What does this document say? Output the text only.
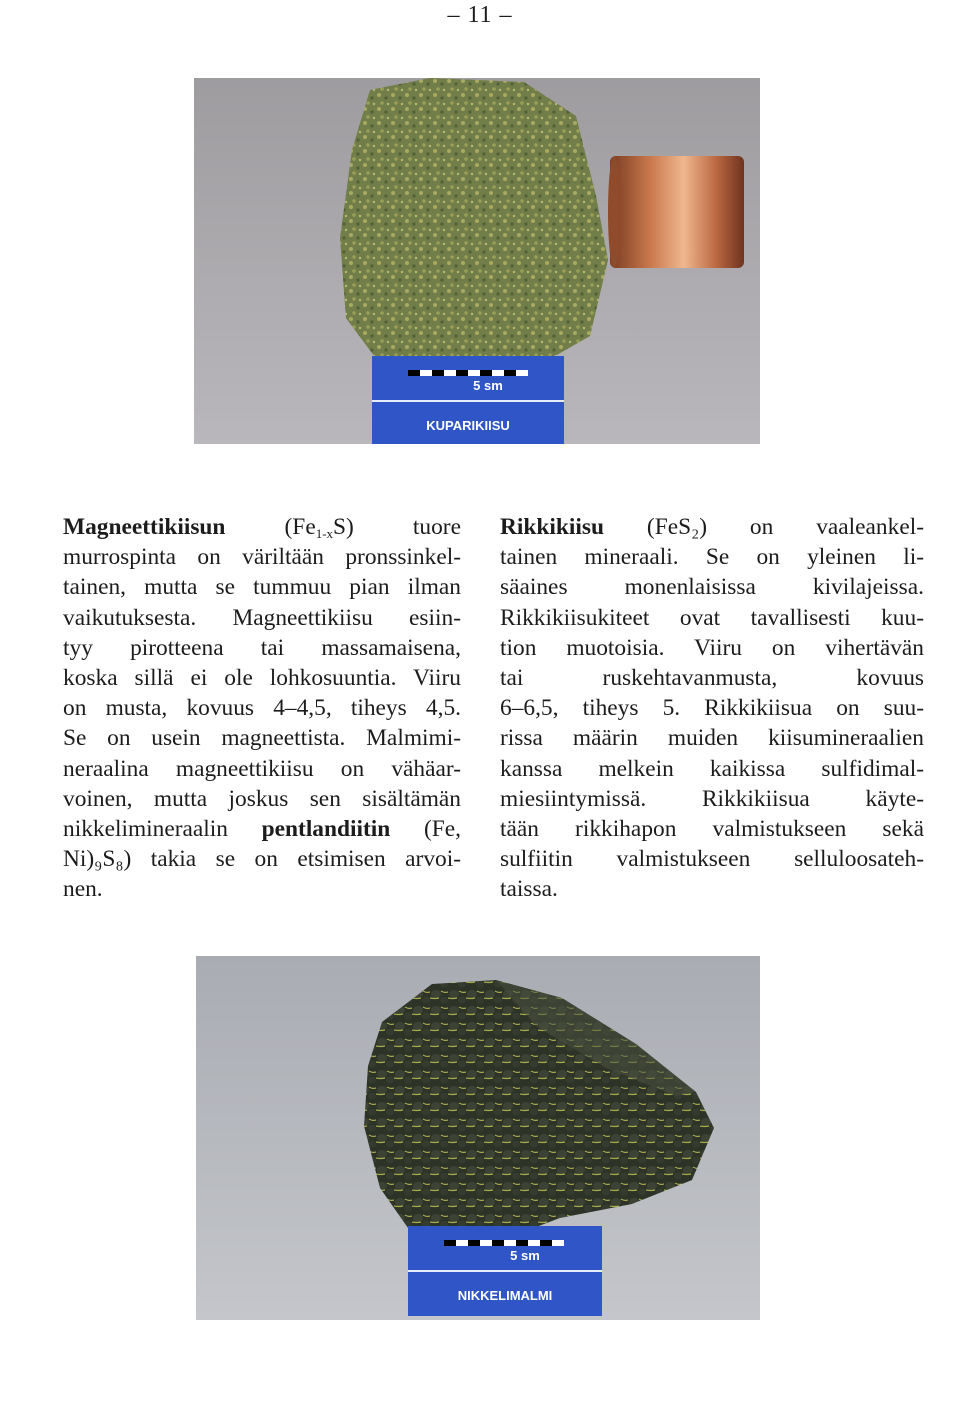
– 11 –
5 sm
KUPARIKIISU
Magneettikiisun	$(Fe_{1-x}S)$	tuore
murrospinta on väriltään pronssinkel-
tainen, mutta se tummuu pian ilman
vaikutuksesta. Magneettikiisu esiin-
tyy pirotteena tai massamaisena,
koska sillä ei ole lohkosuuntia. Viiru
on musta, kovuus 4–4,5, tiheys 4,5.
Se on usein magneettista. Malmimi-
neraalina magneettikiisu on vähäar-
voinen, mutta joskus sen sisältämän
nikkelimineraalin pentlandiitin (Fe,
Ni)₉S₈) takia se on etsimisen arvoi-
nen.
Rikkikiisu (FeS₂) on vaaleankel-
tainen mineraali. Se on yleinen li-
säaines monenlaisissa kivilajeissa.
Rikkikiisukiteet ovat tavallisesti kuu-
tion muotoisia. Viiru on vihertävän
tai ruskehtavanmusta, kovuus
6–6,5, tiheys 5. Rikkikiisua on suu-
rissa määrin muiden kiisumineraalien
kanssa melkein kaikissa sulfidimal-
miesiintymissä. Rikkikiisua käyte-
tään rikkihapon valmistukseen sekä
sulfiitin valmistukseen selluloosateh-
taissa.
5 sm
NIKKELIMALMI
